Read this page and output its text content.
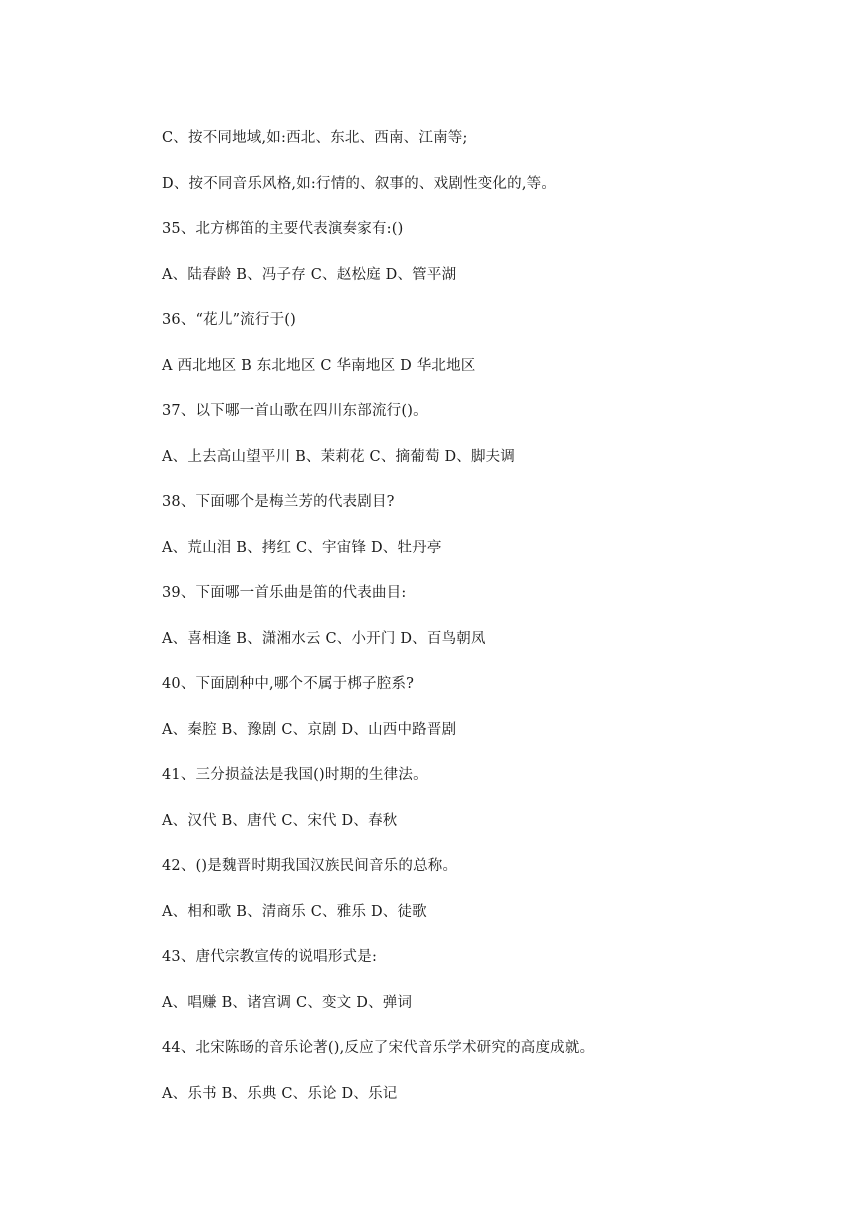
C、按不同地域,如:西北、东北、西南、江南等;
D、按不同音乐风格,如:行情的、叙事的、戏剧性变化的,等。
35、北方梆笛的主要代表演奏家有:()
A、陆春龄 B、冯子存 C、赵松庭 D、管平湖
36、“花儿”流行于()
A 西北地区 B 东北地区 C 华南地区 D 华北地区
37、以下哪一首山歌在四川东部流行()。
A、上去高山望平川 B、茉莉花 C、摘葡萄 D、脚夫调
38、下面哪个是梅兰芳的代表剧目?
A、荒山泪 B、拷红 C、宇宙锋 D、牡丹亭
39、下面哪一首乐曲是笛的代表曲目:
A、喜相逢 B、潇湘水云 C、小开门 D、百鸟朝凤
40、下面剧种中,哪个不属于梆子腔系?
A、秦腔 B、豫剧 C、京剧 D、山西中路晋剧
41、三分损益法是我国()时期的生律法。
A、汉代 B、唐代 C、宋代 D、春秋
42、()是魏晋时期我国汉族民间音乐的总称。
A、相和歌 B、清商乐 C、雅乐 D、徒歌
43、唐代宗教宣传的说唱形式是:
A、唱赚 B、诸宫调 C、变文 D、弹词
44、北宋陈旸的音乐论著(),反应了宋代音乐学术研究的高度成就。
A、乐书 B、乐典 C、乐论 D、乐记
